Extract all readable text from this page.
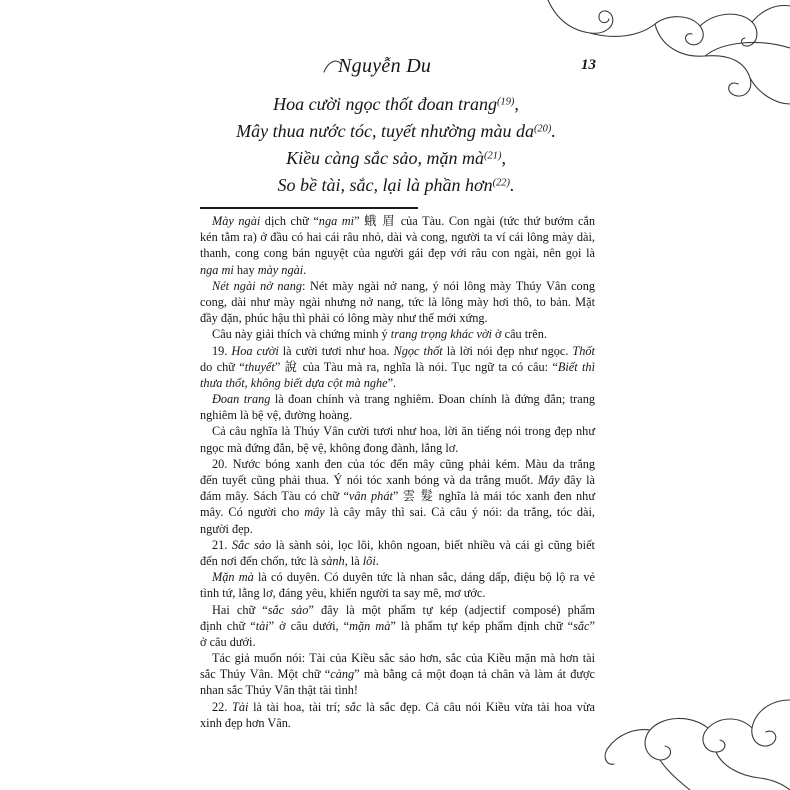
Nguyễn Du	13
Hoa cười ngọc thốt đoan trang$^{(19)}$,
Mây thua nước tóc, tuyết nhường màu $da^{(20)}$.
Kiều càng sắc sảo, mặn $mà^{(21)}$,
So bề tài, sắc, lại là phần hơn$^{(22)}$.
Mày ngài dịch chữ “nga mi” 蛾 眉 của Tàu. Con ngài (tức thứ bướm cắn
kén tằm ra) ở đầu có hai cái râu nhỏ, dài và cong, người ta ví cái lông mày dài,
thanh, cong cong bán nguyệt của người gái đẹp với râu con ngài, nên gọi là
nga mi hay mày ngài.
Nét ngài nở nang: Nét mày ngài nở nang, ý nói lông mày Thúy Vân cong
cong, dài như mày ngài nhưng nở nang, tức là lông mày hơi thô, to bản. Mặt
đầy đặn, phúc hậu thì phải có lông mày như thế mới xứng.
Câu này giải thích và chứng minh ý trang trọng khác vời ở câu trên.
19. Hoa cười là cười tươi như hoa. Ngọc thốt là lời nói đẹp như ngọc. Thốt
do chữ “thuyết” 說 của Tàu mà ra, nghĩa là nói. Tục ngữ ta có câu: “Biết thì
thưa thốt, không biết dựa cột mà nghe”.
Đoan trang là đoan chính và trang nghiêm. Đoan chính là đứng đắn; trang
nghiêm là bệ vệ, đường hoàng.
Cả câu nghĩa là Thúy Vân cười tươi như hoa, lời ăn tiếng nói trong đẹp như
ngọc mà đứng đắn, bệ vệ, không đong đành, lẳng lơ.
20. Nước bóng xanh đen của tóc đến mây cũng phải kém. Màu da trắng
đến tuyết cũng phải thua. Ý nói tóc xanh bóng và da trắng muốt. Mây đây là
đám mây. Sách Tàu có chữ “vân phát” 雲 髮 nghĩa là mái tóc xanh đen như
mây. Có người cho mây là cây mây thì sai. Cả câu ý nói: da trắng, tóc dài,
người đẹp.
21. Sắc sảo là sành sỏi, lọc lõi, khôn ngoan, biết nhiều và cái gì cũng biết
đến nơi đến chốn, tức là sành, là lõi.
Mặn mà là có duyên. Có duyên tức là nhan sắc, dáng dấp, điệu bộ lộ ra vẻ
tình tứ, lẳng lơ, đáng yêu, khiến người ta say mê, mơ ước.
Hai chữ “sắc sảo” đây là một phẩm tự kép (adjectif composé) phẩm
định chữ “tài” ở câu dưới, “mặn mà” là phẩm tự kép phẩm định chữ “sắc”
ở câu dưới.
Tác giả muốn nói: Tài của Kiều sắc sảo hơn, sắc của Kiều mặn mà hơn tài
sắc Thúy Vân. Một chữ “càng” mà bằng cả một đoạn tả chân và làm át được
nhan sắc Thúy Vân thật tài tình!
22. Tài là tài hoa, tài trí; sắc là sắc đẹp. Cả câu nói Kiều vừa tài hoa vừa
xinh đẹp hơn Vân.
